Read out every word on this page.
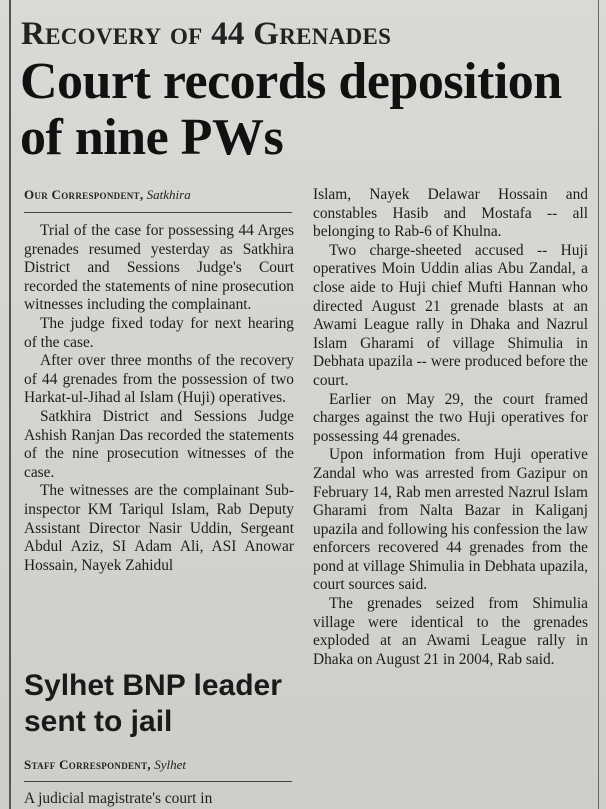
Recovery of 44 Grenades
Court records deposition of nine PWs
Our Correspondent, Satkhira

Trial of the case for possessing 44 Arges grenades resumed yesterday as Satkhira District and Sessions Judge's Court recorded the statements of nine prosecution witnesses including the complainant.

The judge fixed today for next hearing of the case.

After over three months of the recovery of 44 grenades from the possession of two Harkat-ul-Jihad al Islam (Huji) operatives.

Satkhira District and Sessions Judge Ashish Ranjan Das recorded the statements of the nine prosecution witnesses of the case.

The witnesses are the complainant Sub-inspector KM Tariqul Islam, Rab Deputy Assistant Director Nasir Uddin, Sergeant Abdul Aziz, SI Adam Ali, ASI Anowar Hossain, Nayek Zahidul

Islam, Nayek Delawar Hossain and constables Hasib and Mostafa -- all belonging to Rab-6 of Khulna.

Two charge-sheeted accused -- Huji operatives Moin Uddin alias Abu Zandal, a close aide to Huji chief Mufti Hannan who directed August 21 grenade blasts at an Awami League rally in Dhaka and Nazrul Islam Gharami of village Shimulia in Debhata upazila -- were produced before the court.

Earlier on May 29, the court framed charges against the two Huji operatives for possessing 44 grenades.

Upon information from Huji operative Zandal who was arrested from Gazipur on February 14, Rab men arrested Nazrul Islam Gharami from Nalta Bazar in Kaliganj upazila and following his confession the law enforcers recovered 44 grenades from the pond at village Shimulia in Debhata upazila, court sources said.

The grenades seized from Shimulia village were identical to the grenades exploded at an Awami League rally in Dhaka on August 21 in 2004, Rab said.

Sylhet BNP leader sent to jail
Staff Correspondent, Sylhet
A judicial magistrate's court in
